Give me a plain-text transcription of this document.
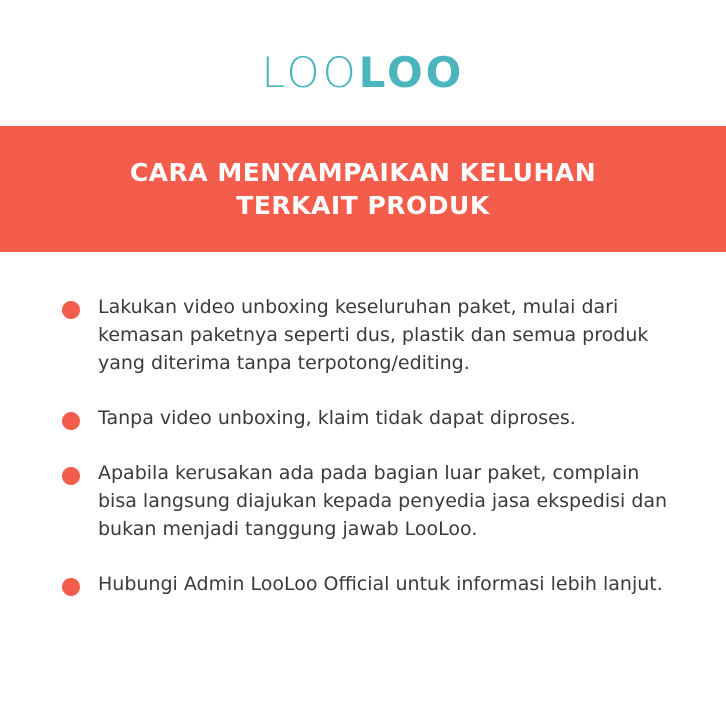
LOOLOO
CARA MENYAMPAIKAN KELUHAN
TERKAIT PRODUK
Lakukan video unboxing keseluruhan paket, mulai dari kemasan paketnya seperti dus, plastik dan semua produk yang diterima tanpa terpotong/editing.
Tanpa video unboxing, klaim tidak dapat diproses.
Apabila kerusakan ada pada bagian luar paket, complain bisa langsung diajukan kepada penyedia jasa ekspedisi dan bukan menjadi tanggung jawab LooLoo.
Hubungi Admin LooLoo Official untuk informasi lebih lanjut.
